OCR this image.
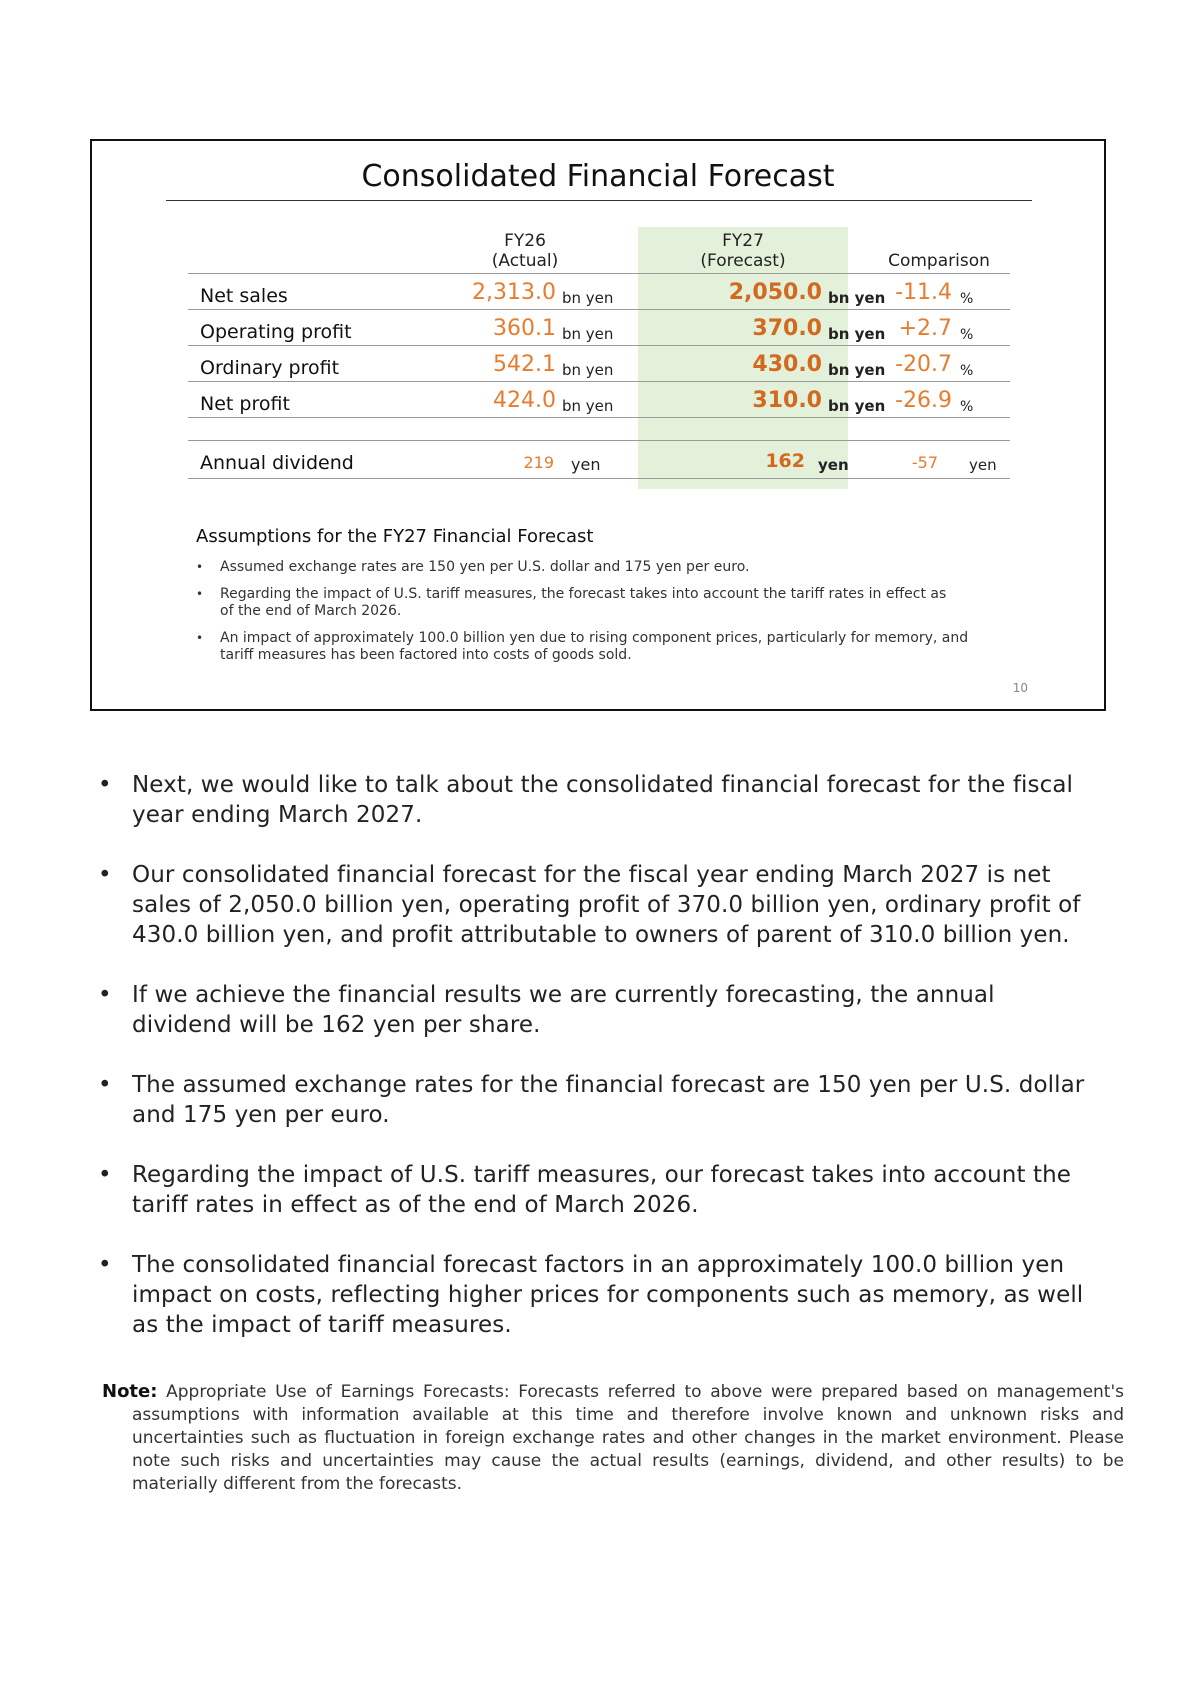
Consolidated Financial Forecast
FY26
(Actual)
FY27
(Forecast)	Comparison
Net sales	2,313.0 bn yen	2,050.0 bn yen -11.4 %
Operating profit	360.1 bn yen	370.0 bn yen +2.7 %
Ordinary profit	542.1 bn yen	430.0 bn yen -20.7 %
Net profit	424.0 bn yen	310.0 bn yen -26.9 %
Annual dividend	219 yen	162 yen	-57 yen
Assumptions for the FY27 Financial Forecast
• Assumed exchange rates are 150 yen per U.S. dollar and 175 yen per euro.
• Regarding the impact of U.S. tariff measures, the forecast takes into account the tariff rates in effect as of the end of March 2026.
• An impact of approximately 100.0 billion yen due to rising component prices, particularly for memory, and tariff measures has been factored into costs of goods sold.
10
• Next, we would like to talk about the consolidated financial forecast for the fiscal year ending March 2027.
• Our consolidated financial forecast for the fiscal year ending March 2027 is net sales of 2,050.0 billion yen, operating profit of 370.0 billion yen, ordinary profit of 430.0 billion yen, and profit attributable to owners of parent of 310.0 billion yen.
• If we achieve the financial results we are currently forecasting, the annual dividend will be 162 yen per share.
• The assumed exchange rates for the financial forecast are 150 yen per U.S. dollar and 175 yen per euro.
• Regarding the impact of U.S. tariff measures, our forecast takes into account the tariff rates in effect as of the end of March 2026.
• The consolidated financial forecast factors in an approximately 100.0 billion yen impact on costs, reflecting higher prices for components such as memory, as well as the impact of tariff measures.
Note: Appropriate Use of Earnings Forecasts: Forecasts referred to above were prepared based on management's assumptions with information available at this time and therefore involve known and unknown risks and uncertainties such as fluctuation in foreign exchange rates and other changes in the market environment. Please note such risks and uncertainties may cause the actual results (earnings, dividend, and other results) to be materially different from the forecasts.
